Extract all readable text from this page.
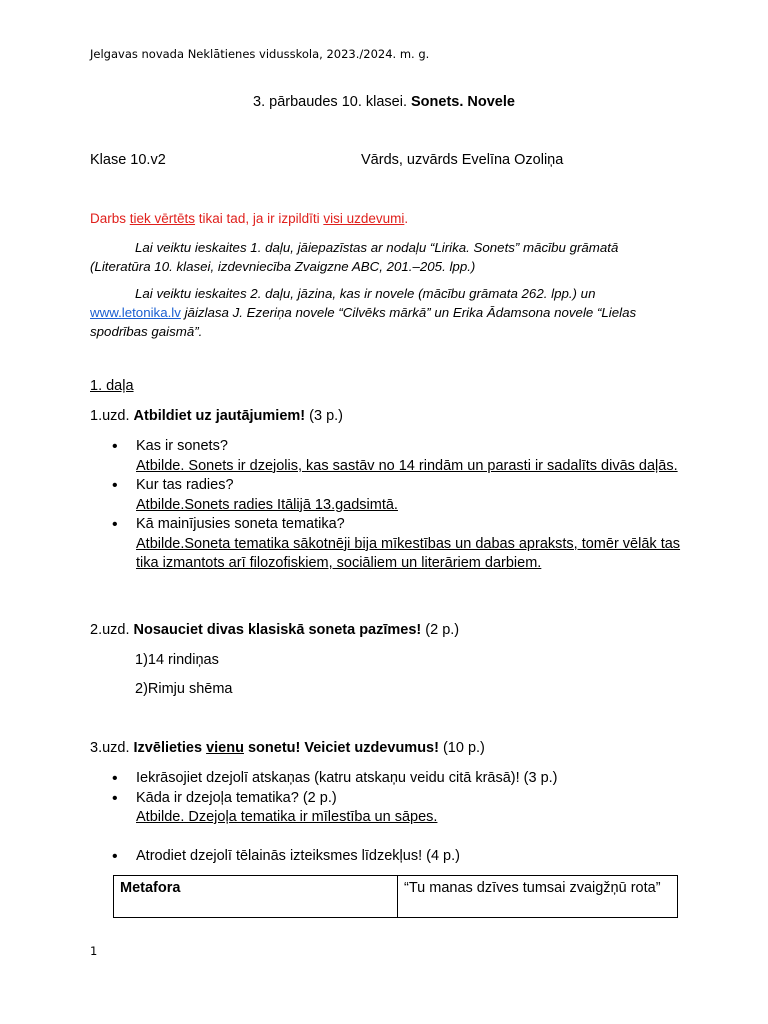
Jelgavas novada Neklātienes vidusskola, 2023./2024. m. g.
3. pārbaudes 10. klasei. Sonets. Novele
Klase 10.v2	Vārds, uzvārds Evelīna Ozoliņa
Darbs tiek vērtēts tikai tad, ja ir izpildīti visi uzdevumi.
Lai veiktu ieskaites 1. daļu, jāiepazīstas ar nodaļu “Lirika. Sonets” mācību grāmatā (Literatūra 10. klasei, izdevniecība Zvaigzne ABC, 201.–205. lpp.)
Lai veiktu ieskaites 2. daļu, jāzina, kas ir novele (mācību grāmata 262. lpp.) un www.letonika.lv jāizlasa J. Ezeriņa novele “Cilvēks mārkā” un Erika Ādamsona novele “Lielas spodrības gaismā”.
1. daļa
1.uzd. Atbildiet uz jautājumiem! (3 p.)
• Kas ir sonets?
Atbilde. Sonets ir dzejolis, kas sastāv no 14 rindām un parasti ir sadalīts divās daļās.
• Kur tas radies?
Atbilde.Sonets radies Itālijā 13.gadsimtā.
• Kā mainījusies soneta tematika?
Atbilde.Soneta tematika sākotnēji bija mīkestības un dabas apraksts, tomēr vēlāk tas tika izmantots arī filozofiskiem, sociāliem un literāriem darbiem.
2.uzd. Nosauciet divas klasiskā soneta pazīmes! (2 p.)
1)14 rindiņas
2)Rimju shēma
3.uzd. Izvēlieties vienu sonetu! Veiciet uzdevumus! (10 p.)
• Iekrāsojiet dzejolī atskaņas (katru atskaņu veidu citā krāsā)! (3 p.)
• Kāda ir dzejoļa tematika? (2 p.)
Atbilde. Dzejoļa tematika ir mīlestība un sāpes.
• Atrodiet dzejolī tēlainās izteiksmes līdzekļus! (4 p.)
Metafora	“Tu manas dzīves tumsai zvaigžņū rota”
1
